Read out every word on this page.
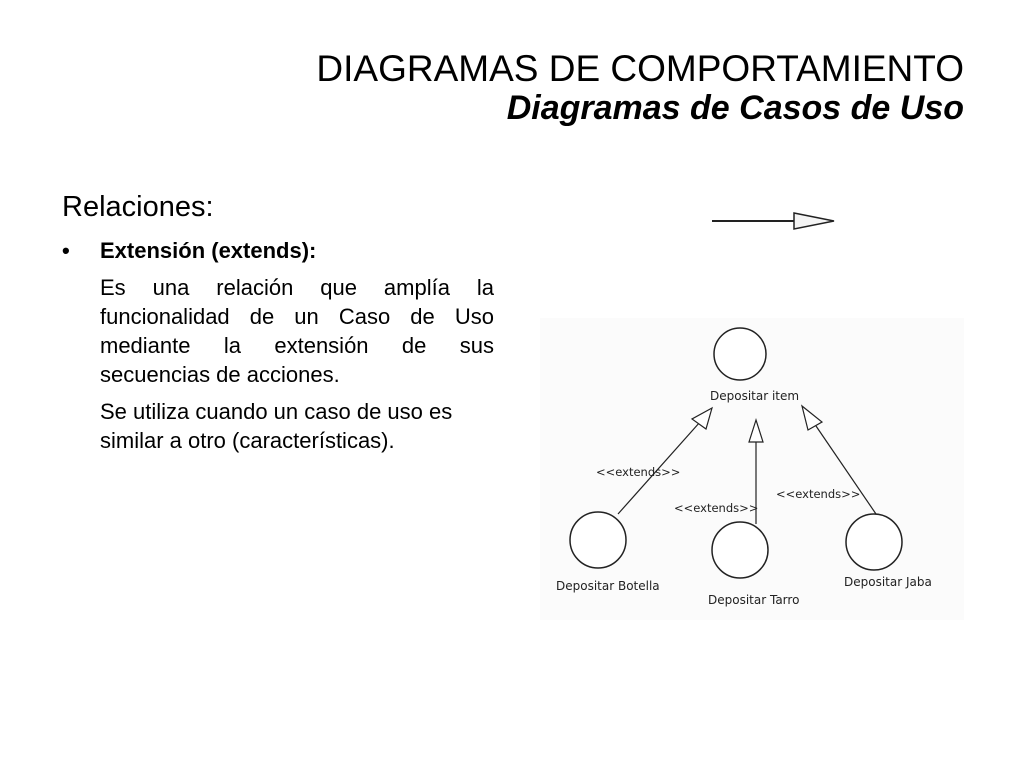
DIAGRAMAS DE COMPORTAMIENTO
Diagramas de Casos de Uso
Relaciones:
• Extensión (extends):
Es una relación que amplía la funcionalidad de un Caso de Uso mediante la extensión de sus secuencias de acciones.
Se utiliza cuando un caso de uso es similar a otro (características).
Depositar item
<<extends>>
<<extends>>
<<extends>>
Depositar Botella
Depositar Tarro
Depositar Jaba
